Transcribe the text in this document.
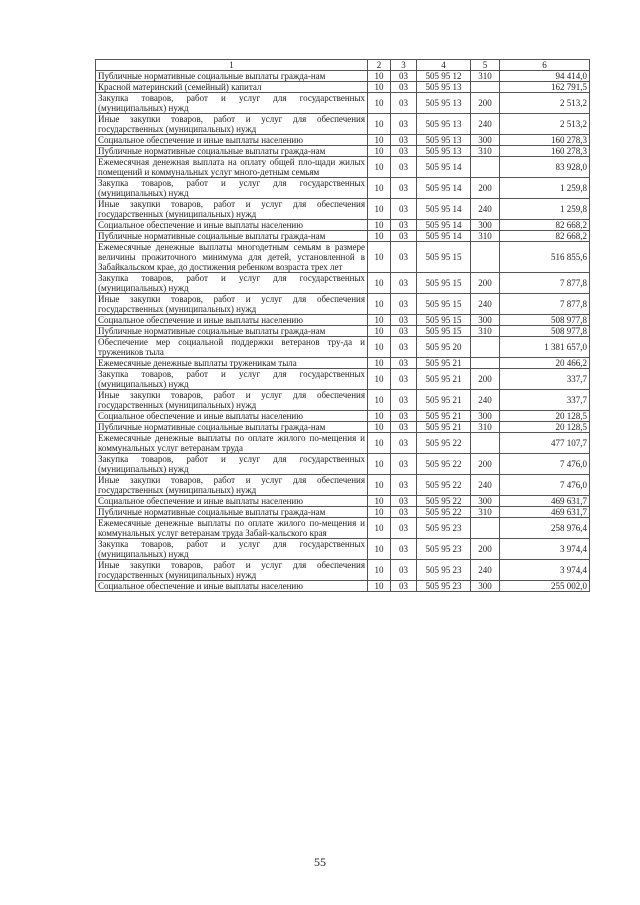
1	2	3	4	5	6
Публичные нормативные социальные выплаты гражда-нам	10	03	505 95 12	310	94 414,0
Красной материнский (семейный) капитал	10	03	505 95 13		162 791,5
Закупка товаров, работ и услуг для государственных (муниципальных) нужд	10	03	505 95 13	200	2 513,2
Иные закупки товаров, работ и услуг для обеспечения государственных (муниципальных) нужд	10	03	505 95 13	240	2 513,2
Социальное обеспечение и иные выплаты населению	10	03	505 95 13	300	160 278,3
Публичные нормативные социальные выплаты гражда-нам	10	03	505 95 13	310	160 278,3
Ежемесячная денежная выплата на оплату общей пло-щади жилых помещений и коммунальных услуг много-детным семьям	10	03	505 95 14		83 928,0
Закупка товаров, работ и услуг для государственных (муниципальных) нужд	10	03	505 95 14	200	1 259,8
Иные закупки товаров, работ и услуг для обеспечения государственных (муниципальных) нужд	10	03	505 95 14	240	1 259,8
Социальное обеспечение и иные выплаты населению	10	03	505 95 14	300	82 668,2
Публичные нормативные социальные выплаты гражда-нам	10	03	505 95 14	310	82 668,2
Ежемесячные денежные выплаты многодетным семьям в размере величины прожиточного минимума для детей, установленной в Забайкальском крае, до достижения ребенком возраста трех лет	10	03	505 95 15		516 855,6
Закупка товаров, работ и услуг для государственных (муниципальных) нужд	10	03	505 95 15	200	7 877,8
Иные закупки товаров, работ и услуг для обеспечения государственных (муниципальных) нужд	10	03	505 95 15	240	7 877,8
Социальное обеспечение и иные выплаты населению	10	03	505 95 15	300	508 977,8
Публичные нормативные социальные выплаты гражда-нам	10	03	505 95 15	310	508 977,8
Обеспечение мер социальной поддержки ветеранов тру-да и тружеников тыла	10	03	505 95 20		1 381 657,0
Ежемесячные денежные выплаты труженикам тыла	10	03	505 95 21		20 466,2
Закупка товаров, работ и услуг для государственных (муниципальных) нужд	10	03	505 95 21	200	337,7
Иные закупки товаров, работ и услуг для обеспечения государственных (муниципальных) нужд	10	03	505 95 21	240	337,7
Социальное обеспечение и иные выплаты населению	10	03	505 95 21	300	20 128,5
Публичные нормативные социальные выплаты гражда-нам	10	03	505 95 21	310	20 128,5
Ежемесячные денежные выплаты по оплате жилого по-мещения и коммунальных услуг ветеранам труда	10	03	505 95 22		477 107,7
Закупка товаров, работ и услуг для государственных (муниципальных) нужд	10	03	505 95 22	200	7 476,0
Иные закупки товаров, работ и услуг для обеспечения государственных (муниципальных) нужд	10	03	505 95 22	240	7 476,0
Социальное обеспечение и иные выплаты населению	10	03	505 95 22	300	469 631,7
Публичные нормативные социальные выплаты гражда-нам	10	03	505 95 22	310	469 631,7
Ежемесячные денежные выплаты по оплате жилого по-мещения и коммунальных услуг ветеранам труда Забай-кальского края	10	03	505 95 23		258 976,4
Закупка товаров, работ и услуг для государственных (муниципальных) нужд	10	03	505 95 23	200	3 974,4
Иные закупки товаров, работ и услуг для обеспечения государственных (муниципальных) нужд	10	03	505 95 23	240	3 974,4
Социальное обеспечение и иные выплаты населению	10	03	505 95 23	300	255 002,0
55
